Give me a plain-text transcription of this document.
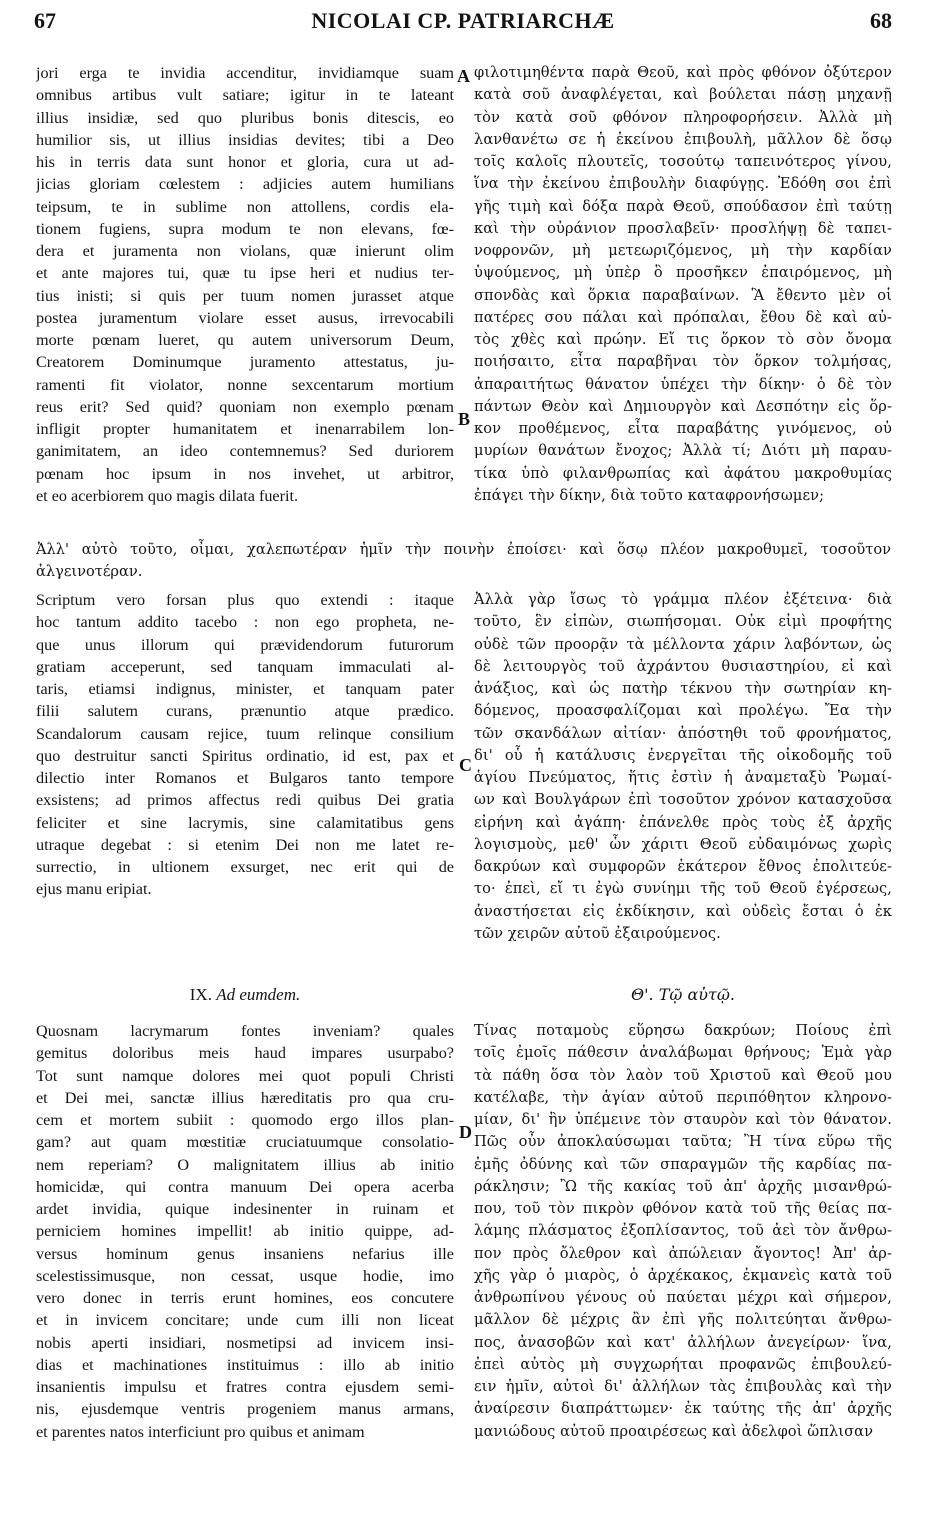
67	NICOLAI CP. PATRIARCHÆ	68
jori erga te invidia accenditur, invidiamque suam
omnibus artibus vult satiare; igitur in te lateant
illius insidiæ, sed quo pluribus bonis ditescis, eo
humilior sis, ut illius insidias devites; tibi a Deo
his in terris data sunt honor et gloria, cura ut ad-
jicias gloriam cœlestem : adjicies autem humilians
teipsum, te in sublime non attollens, cordis ela-
tionem fugiens, supra modum te non elevans, fœ-
dera et juramenta non violans, quæ inierunt olim
et ante majores tui, quæ tu ipse heri et nudius ter-
tius inisti; si quis per tuum nomen jurasset atque
postea juramentum violare esset ausus, irrevocabili
morte pœnam lueret, qu autem universorum Deum,
Creatorem Dominumque juramento attestatus, ju-
ramenti fit violator, nonne sexcentarum mortium
reus erit? Sed quid? quoniam non exemplo pœnam
infligit propter humanitatem et inenarrabilem lon-
ganimitatem, an ideo contemnemus? Sed duriorem
pœnam hoc ipsum in nos invehet, ut arbitror,
et eo acerbiorem quo magis dilata fuerit.
φιλοτιμηθέντα παρὰ Θεοῦ, καὶ πρὸς φθόνον ὀξύτερον
κατὰ σοῦ ἀναφλέγεται, καὶ βούλεται πάσῃ μηχανῇ
τὸν κατὰ σοῦ φθόνον πληροφορήσειν. Ἀλλὰ μὴ
λανθανέτω σε ἡ ἐκείνου ἐπιβουλὴ, μᾶλλον δὲ ὅσῳ
τοῖς καλοῖς πλουτεῖς, τοσούτῳ ταπεινότερος γίνου,
ἵνα τὴν ἐκείνου ἐπιβουλὴν διαφύγῃς. Ἐδόθη σοι ἐπὶ
γῆς τιμὴ καὶ δόξα παρὰ Θεοῦ, σπούδασον ἐπὶ ταύτῃ
καὶ τὴν οὐράνιον προσλαβεῖν· προσλήψῃ δὲ ταπει-
νοφρονῶν, μὴ μετεωριζόμενος, μὴ τὴν καρδίαν
ὑψούμενος, μὴ ὑπὲρ ὃ προσῆκεν ἐπαιρόμενος, μὴ
σπονδὰς καὶ ὅρκια παραβαίνων. Ἃ ἔθεντο μὲν οἱ
πατέρες σου πάλαι καὶ πρόπαλαι, ἔθου δὲ καὶ αὐ-
τὸς χθὲς καὶ πρώην. Εἴ τις ὅρκον τὸ σὸν ὄνομα
ποιήσαιτο, εἶτα παραβῆναι τὸν ὅρκον τολμήσας,
ἀπαραιτήτως θάνατον ὑπέχει τὴν δίκην· ὁ δὲ τὸν
πάντων Θεὸν καὶ Δημιουργὸν καὶ Δεσπότην εἰς ὅρ-
κον προθέμενος, εἶτα παραβάτης γινόμενος, οὐ
μυρίων θανάτων ἔνοχος; Ἀλλὰ τί; Διότι μὴ παραυ-
τίκα ὑπὸ φιλανθρωπίας καὶ ἀφάτου μακροθυμίας
ἐπάγει τὴν δίκην, διὰ τοῦτο καταφρονήσωμεν;
Ἀλλ' αὐτὸ τοῦτο, οἶμαι, χαλεπωτέραν ἡμῖν τὴν ποινὴν ἐποίσει· καὶ ὅσῳ πλέον μακροθυμεῖ, τοσοῦτον
ἀλγεινοτέραν.
Scriptum vero forsan plus quo extendi : itaque
hoc tantum addito tacebo : non ego propheta, ne-
que unus illorum qui prævidendorum futurorum
gratiam acceperunt, sed tanquam immaculati al-
taris, etiamsi indignus, minister, et tanquam pater
filii salutem curans, prænuntio atque prædico.
Scandalorum causam rejice, tuum relinque consilium
quo destruitur sancti Spiritus ordinatio, id est, pax et
dilectio inter Romanos et Bulgaros tanto tempore
exsistens; ad primos affectus redi quibus Dei gratia
feliciter et sine lacrymis, sine calamitatibus gens
utraque degebat : si etenim Dei non me latet re-
surrectio, in ultionem exsurget, nec erit qui de
ejus manu eripiat.
Ἀλλὰ γὰρ ἴσως τὸ γράμμα πλέον ἐξέτεινα· διὰ
τοῦτο, ἓν εἰπὼν, σιωπήσομαι. Οὐκ εἰμὶ προφήτης
οὐδὲ τῶν προορᾷν τὰ μέλλοντα χάριν λαβόντων, ὡς
δὲ λειτουργὸς τοῦ ἀχράντου θυσιαστηρίου, εἰ καὶ
ἀνάξιος, καὶ ὡς πατὴρ τέκνου τὴν σωτηρίαν κη-
δόμενος, προασφαλίζομαι καὶ προλέγω. Ἔα τὴν
τῶν σκανδάλων αἰτίαν· ἀπόστηθι τοῦ φρονήματος,
δι' οὗ ἡ κατάλυσις ἐνεργεῖται τῆς οἰκοδομῆς τοῦ
ἁγίου Πνεύματος, ἥτις ἐστὶν ἡ ἀναμεταξὺ Ῥωμαί-
ων καὶ Βουλγάρων ἐπὶ τοσοῦτον χρόνον κατασχοῦσα
εἰρήνη καὶ ἀγάπη· ἐπάνελθε πρὸς τοὺς ἐξ ἀρχῆς
λογισμοὺς, μεθ' ὧν χάριτι Θεοῦ εὐδαιμόνως χωρὶς
δακρύων καὶ συμφορῶν ἑκάτερον ἔθνος ἐπολιτεύε-
το· ἐπεὶ, εἴ τι ἐγὼ συνίημι τῆς τοῦ Θεοῦ ἐγέρσεως,
ἀναστήσεται εἰς ἐκδίκησιν, καὶ οὐδεὶς ἔσται ὁ ἐκ
τῶν χειρῶν αὐτοῦ ἐξαιρούμενος.
IX. Ad eumdem.	Θ'. Τῷ αὐτῷ.
Quosnam lacrymarum fontes inveniam? quales
gemitus doloribus meis haud impares usurpabo?
Tot sunt namque dolores mei quot populi Christi
et Dei mei, sanctæ illius hæreditatis pro qua cru-
cem et mortem subiit : quomodo ergo illos plan-
gam? aut quam mœstitiæ cruciatuumque consolatio-
nem reperiam? O malignitatem illius ab initio
homicidæ, qui contra manuum Dei opera acerba
ardet invidia, quique indesinenter in ruinam et
perniciem homines impellit! ab initio quippe, ad-
versus hominum genus insaniens nefarius ille
scelestissimusque, non cessat, usque hodie, imo
vero donec in terris erunt homines, eos concutere
et in invicem concitare; unde cum illi non liceat
nobis aperti insidiari, nosmetipsi ad invicem insi-
dias et machinationes instituimus : illo ab initio
insanientis impulsu et fratres contra ejusdem semi-
nis, ejusdemque ventris progeniem manus armans,
et parentes natos interficiunt pro quibus et animam
Τίνας ποταμοὺς εὕρησω δακρύων; Ποίους ἐπὶ
τοῖς ἐμοῖς πάθεσιν ἀναλάβωμαι θρήνους; Ἐμὰ γὰρ
τὰ πάθη ὅσα τὸν λαὸν τοῦ Χριστοῦ καὶ Θεοῦ μου
κατέλαβε, τὴν ἁγίαν αὐτοῦ περιπόθητον κληρονο-
μίαν, δι' ἣν ὑπέμεινε τὸν σταυρὸν καὶ τὸν θάνατον.
Πῶς οὖν ἀποκλαύσωμαι ταῦτα; Ἢ τίνα εὕρω τῆς
ἐμῆς ὀδύνης καὶ τῶν σπαραγμῶν τῆς καρδίας πα-
ράκλησιν; Ὢ τῆς κακίας τοῦ ἀπ' ἀρχῆς μισανθρώ-
που, τοῦ τὸν πικρὸν φθόνον κατὰ τοῦ τῆς θείας πα-
λάμης πλάσματος ἐξοπλίσαντος, τοῦ ἀεὶ τὸν ἄνθρω-
πον πρὸς ὄλεθρον καὶ ἀπώλειαν ἄγοντος! Ἀπ' ἀρ-
χῆς γὰρ ὁ μιαρὸς, ὁ ἀρχέκακος, ἐκμανεὶς κατὰ τοῦ
ἀνθρωπίνου γένους οὐ παύεται μέχρι καὶ σήμερον,
μᾶλλον δὲ μέχρις ἂν ἐπὶ γῆς πολιτεύηται ἄνθρω-
πος, ἀνασοβῶν καὶ κατ' ἀλλήλων ἀνεγείρων· ἵνα,
ἐπεὶ αὐτὸς μὴ συγχωρήται προφανῶς ἐπιβουλεύ-
ειν ἡμῖν, αὐτοὶ δι' ἀλλήλων τὰς ἐπιβουλὰς καὶ τὴν
ἀναίρεσιν διαπράττωμεν· ἐκ ταύτης τῆς ἀπ' ἀρχῆς
μανιώδους αὐτοῦ προαιρέσεως καὶ ἀδελφοὶ ὥπλισαν
A
B
C
D
